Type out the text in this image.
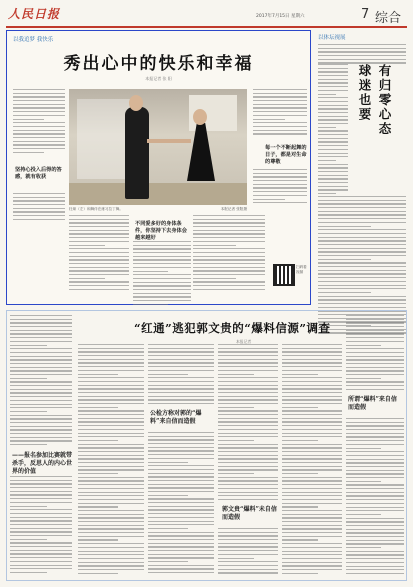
人民日报	2017年7月15日 星期六	7 综合
以我追梦 我快乐
秀出心中的快乐和幸福
本报记者 张 阳
坚持心投入后得的答感，就有收获
杜琛（左）和舞伴在练习拉丁舞。	本报记者 张阳摄
每一个不断起舞的日子，都是对生命的尊敬
不同爱多好的身体条件，你坚持下去身体会越来越好
扫码看视频
以体坛视展
球迷也要 有归零心态
“红通”逃犯郭文贵的“爆料信源”调查
本报记者
——报名参加比赛就带杀手，反思人的内心世界的价值
公检方称对郭的“爆料”来自信而造假
郭文贵“爆料”未自信而造假
所谓“爆料”来自信而造假
